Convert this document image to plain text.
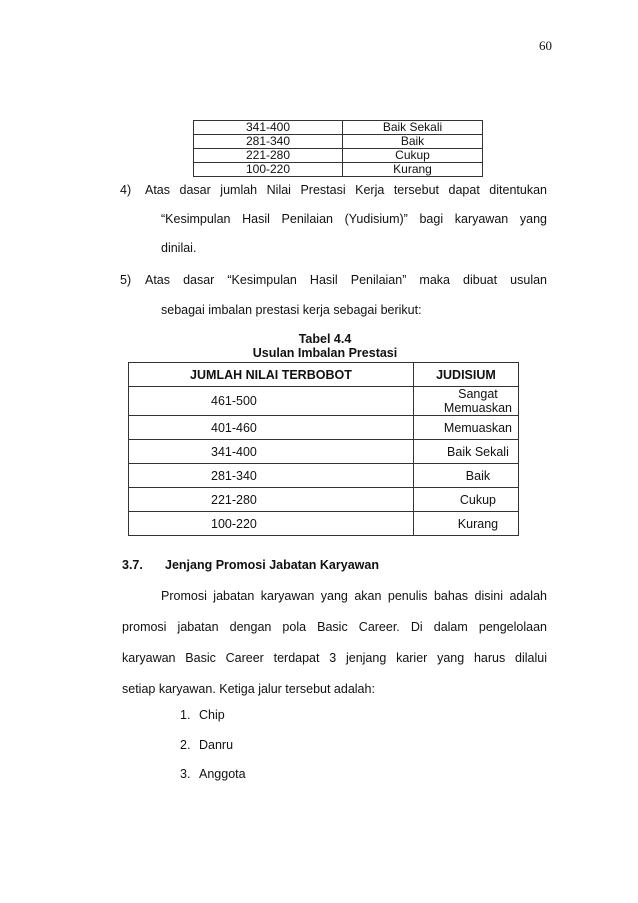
60
341-400	Baik Sekali
281-340	Baik
221-280	Cukup
100-220	Kurang
4) Atas dasar jumlah Nilai Prestasi Kerja tersebut dapat ditentukan
“Kesimpulan Hasil Penilaian (Yudisium)” bagi karyawan yang
dinilai.
5) Atas dasar “Kesimpulan Hasil Penilaian” maka dibuat usulan
sebagai imbalan prestasi kerja sebagai berikut:
Tabel 4.4
Usulan Imbalan Prestasi
JUMLAH NILAI TERBOBOT	JUDISIUM
461-500	Sangat Memuaskan
401-460	Memuaskan
341-400	Baik Sekali
281-340	Baik
221-280	Cukup
100-220	Kurang
3.7. Jenjang Promosi Jabatan Karyawan
Promosi jabatan karyawan yang akan penulis bahas disini adalah
promosi jabatan dengan pola Basic Career. Di dalam pengelolaan
karyawan Basic Career terdapat 3 jenjang karier yang harus dilalui
setiap karyawan. Ketiga jalur tersebut adalah:
1. Chip
2. Danru
3. Anggota
